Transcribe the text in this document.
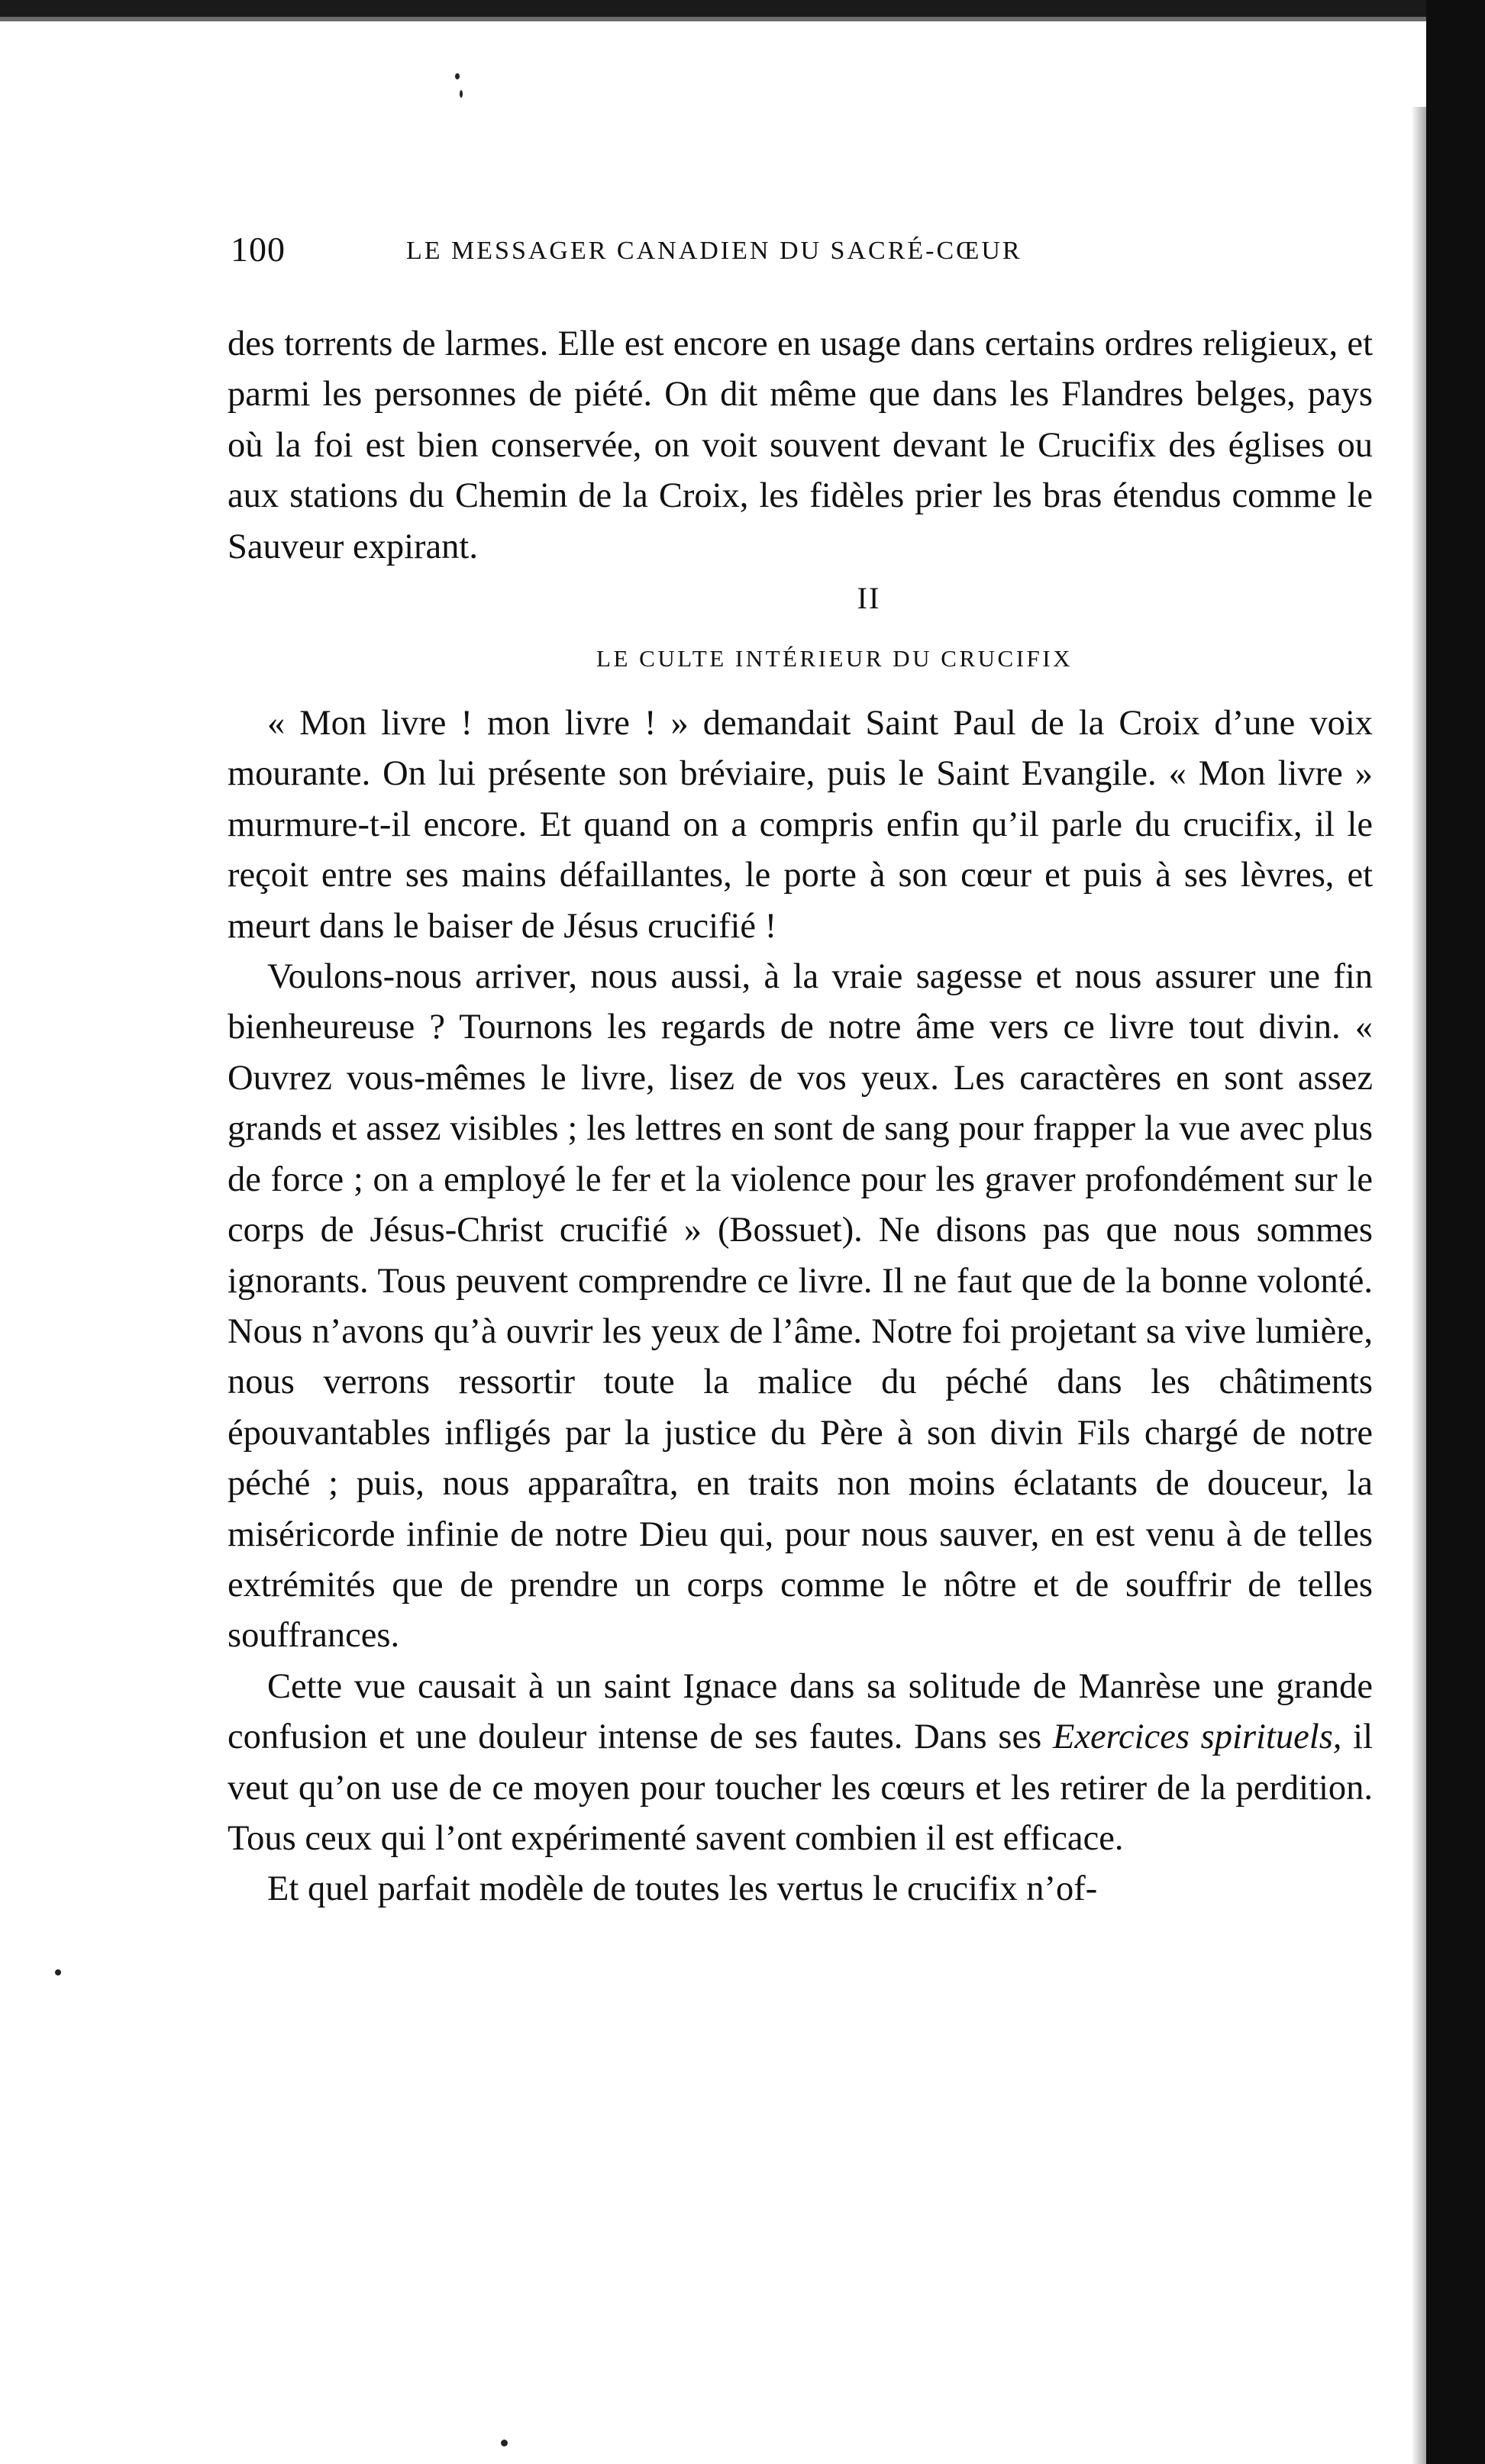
100	LE MESSAGER CANADIEN DU SACRÉ-CŒUR

des torrents de larmes. Elle est encore en usage dans certains ordres religieux, et parmi les personnes de piété. On dit même que dans les Flandres belges, pays où la foi est bien conservée, on voit souvent devant le Crucifix des églises ou aux stations du Chemin de la Croix, les fidèles prier les bras étendus comme le Sauveur expirant.

II
LE CULTE INTÉRIEUR DU CRUCIFIX

« Mon livre ! mon livre ! » demandait Saint Paul de la Croix d’une voix mourante. On lui présente son bréviaire, puis le Saint Evangile. « Mon livre » murmure-t-il encore. Et quand on a compris enfin qu’il parle du crucifix, il le reçoit entre ses mains défaillantes, le porte à son cœur et puis à ses lèvres, et meurt dans le baiser de Jésus crucifié !

Voulons-nous arriver, nous aussi, à la vraie sagesse et nous assurer une fin bienheureuse ? Tournons les regards de notre âme vers ce livre tout divin. « Ouvrez vous-mêmes le livre, lisez de vos yeux. Les caractères en sont assez grands et assez visibles ; les lettres en sont de sang pour frapper la vue avec plus de force ; on a employé le fer et la violence pour les graver profondément sur le corps de Jésus-Christ crucifié » (Bossuet). Ne disons pas que nous sommes ignorants. Tous peuvent comprendre ce livre. Il ne faut que de la bonne volonté. Nous n’avons qu’à ouvrir les yeux de l’âme. Notre foi projetant sa vive lumière, nous verrons ressortir toute la malice du péché dans les châtiments épouvantables infligés par la justice du Père à son divin Fils chargé de notre péché ; puis, nous apparaîtra, en traits non moins éclatants de douceur, la miséricorde infinie de notre Dieu qui, pour nous sauver, en est venu à de telles extrémités que de prendre un corps comme le nôtre et de souffrir de telles souffrances.

Cette vue causait à un saint Ignace dans sa solitude de Manrèse une grande confusion et une douleur intense de ses fautes. Dans ses Exercices spirituels, il veut qu’on use de ce moyen pour toucher les cœurs et les retirer de la perdition. Tous ceux qui l’ont expérimenté savent combien il est efficace.

Et quel parfait modèle de toutes les vertus le crucifix n’of-
